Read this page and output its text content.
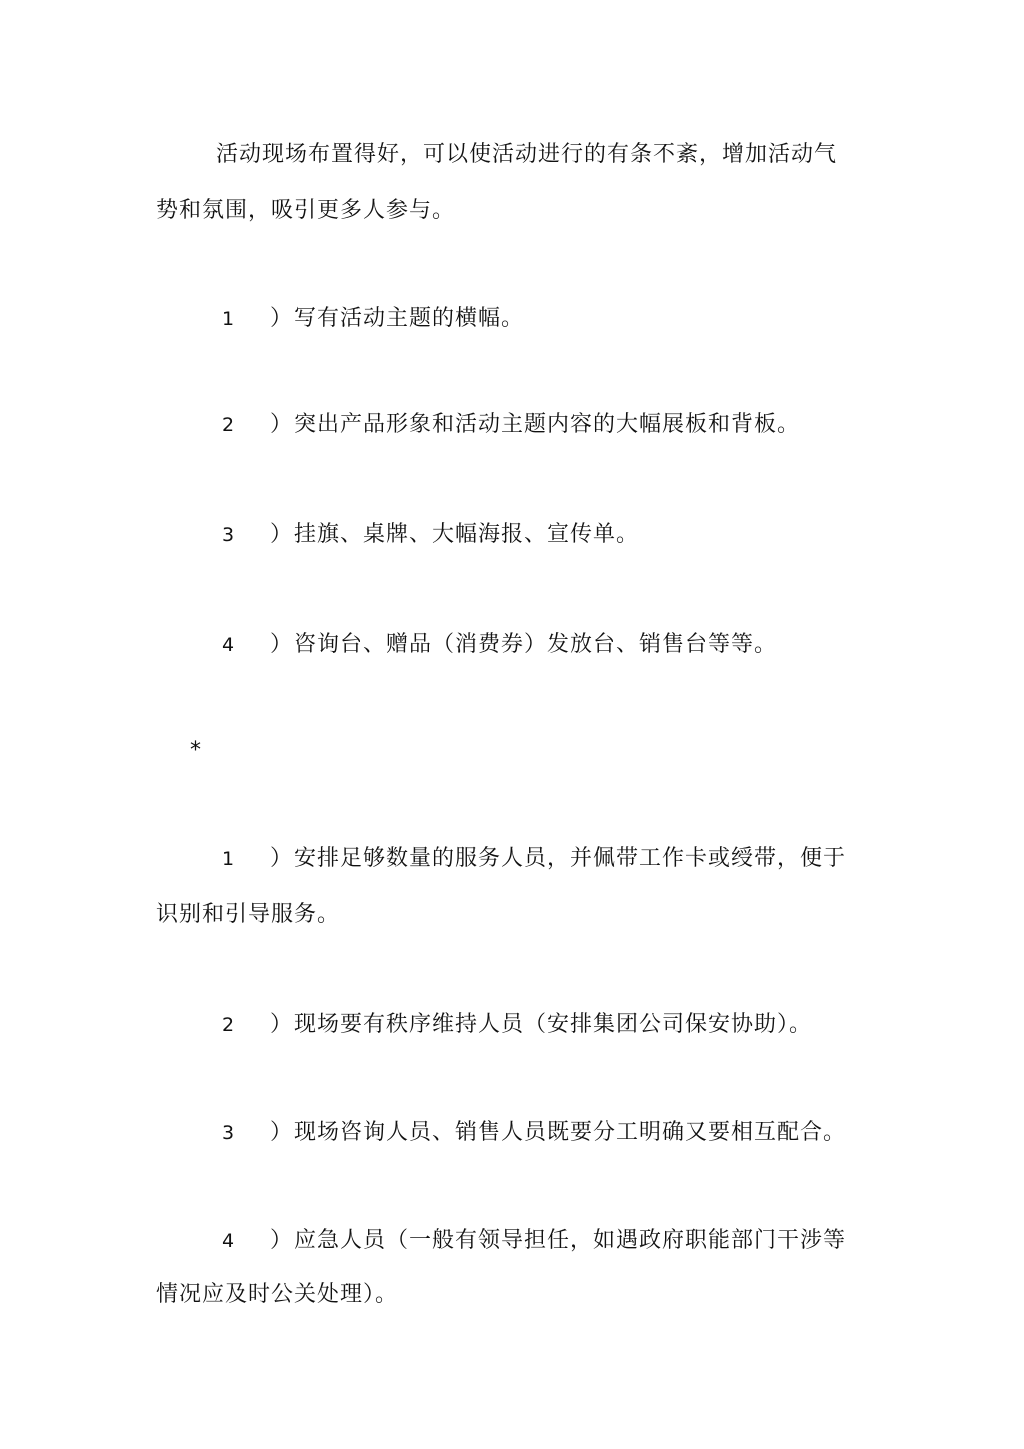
活动现场布置得好，可以使活动进行的有条不紊，增加活动气
势和氛围，吸引更多人参与。
1 ）写有活动主题的横幅。
2 ）突出产品形象和活动主题内容的大幅展板和背板。
3 ）挂旗、桌牌、大幅海报、宣传单。
4 ）咨询台、赠品（消费券）发放台、销售台等等。
*
1 ）安排足够数量的服务人员，并佩带工作卡或绶带，便于
识别和引导服务。
2 ）现场要有秩序维持人员（安排集团公司保安协助）。
3 ）现场咨询人员、销售人员既要分工明确又要相互配合。
4 ）应急人员（一般有领导担任，如遇政府职能部门干涉等
情况应及时公关处理）。
